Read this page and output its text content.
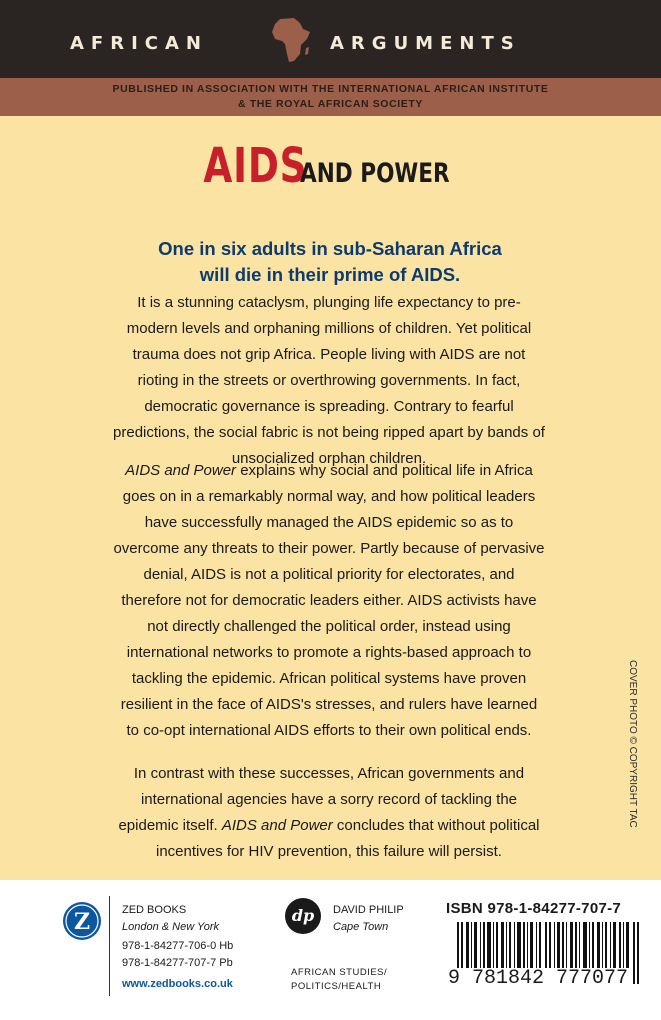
AFRICAN	ARGUMENTS
PUBLISHED IN ASSOCIATION WITH THE INTERNATIONAL AFRICAN INSTITUTE
& THE ROYAL AFRICAN SOCIETY
AIDSAND POWER
One in six adults in sub-Saharan Africa
will die in their prime of AIDS.

It is a stunning cataclysm, plunging life expectancy to pre-modern levels and orphaning millions of children. Yet political trauma does not grip Africa. People living with AIDS are not rioting in the streets or overthrowing governments. In fact, democratic governance is spreading. Contrary to fearful predictions, the social fabric is not being ripped apart by bands of unsocialized orphan children.

AIDS and Power explains why social and political life in Africa goes on in a remarkably normal way, and how political leaders have successfully managed the AIDS epidemic so as to overcome any threats to their power. Partly because of pervasive denial, AIDS is not a political priority for electorates, and therefore not for democratic leaders either. AIDS activists have not directly challenged the political order, instead using international networks to promote a rights-based approach to tackling the epidemic. African political systems have proven resilient in the face of AIDS's stresses, and rulers have learned to co-opt international AIDS efforts to their own political ends.

In contrast with these successes, African governments and international agencies have a sorry record of tackling the epidemic itself. AIDS and Power concludes that without political incentives for HIV prevention, this failure will persist.

COVER PHOTO © COPYRIGHT TAC
Z	ZED BOOKS
London & New York
978-1-84277-706-0 Hb
978-1-84277-707-7 Pb
www.zedbooks.co.uk
dp	DAVID PHILIP
Cape Town
AFRICAN STUDIES/
POLITICS/HEALTH
ISBN 978-1-84277-707-7
9 781842 777077
